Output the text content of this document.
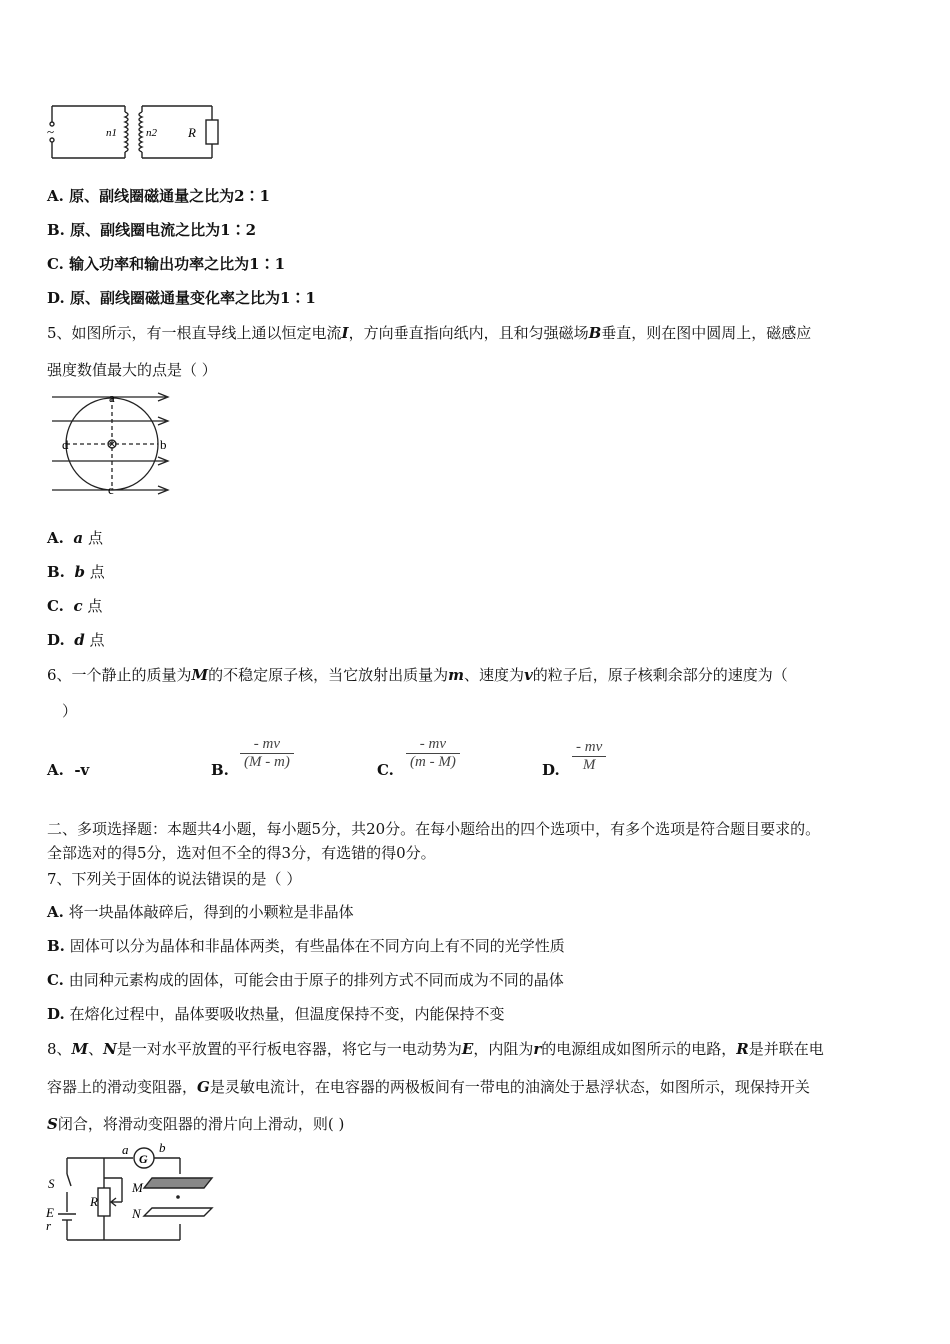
~	n1	n2 R
A. 原、副线圈磁通量之比为2∶1
B. 原、副线圈电流之比为1∶2
C. 输入功率和输出功率之比为1∶1
D. 原、副线圈磁通量变化率之比为1∶1
5、如图所示，有一根直导线上通以恒定电流I，方向垂直指向纸内，且和匀强磁场B垂直，则在图中圆周上，磁感应
强度数值最大的点是（ ）
a
b
c
d
A. a 点
B. b 点
C. c 点
D. d 点
6、一个静止的质量为M的不稳定原子核，当它放射出质量为m、速度为v的粒子后，原子核剩余部分的速度为（
）
A. -v	B. $\frac{- mv}{(M - m)}$	C. $\frac{- mv}{(m - M)}$	D. $\frac{- mv}{M}$
二、多项选择题：本题共4小题，每小题5分，共20分。在每小题给出的四个选项中，有多个选项是符合题目要求的。
全部选对的得5分，选对但不全的得3分，有选错的得0分。
7、下列关于固体的说法错误的是（ ）
A. 将一块晶体敲碎后，得到的小颗粒是非晶体
B. 固体可以分为晶体和非晶体两类，有些晶体在不同方向上有不同的光学性质
C. 由同种元素构成的固体，可能会由于原子的排列方式不同而成为不同的晶体
D. 在熔化过程中，晶体要吸收热量，但温度保持不变，内能保持不变
8、M、N是一对水平放置的平行板电容器，将它与一电动势为E，内阻为r的电源组成如图所示的电路，R是并联在电
容器上的滑动变阻器，G是灵敏电流计，在电容器的两极板间有一带电的油滴处于悬浮状态，如图所示，现保持开关
S闭合，将滑动变阻器的滑片向上滑动，则( )
a
G
b
S
R
M
N
E
r
